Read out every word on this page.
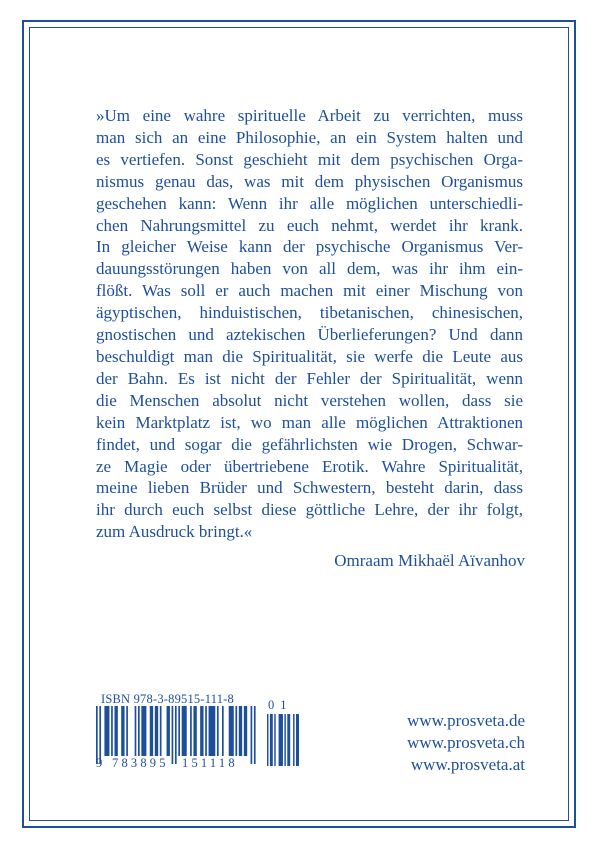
»Um eine wahre spirituelle Arbeit zu verrichten, muss
man sich an eine Philosophie, an ein System halten und
es vertiefen. Sonst geschieht mit dem psychischen Orga-
nismus genau das, was mit dem physischen Organismus
geschehen kann: Wenn ihr alle möglichen unterschiedli-
chen Nahrungsmittel zu euch nehmt, werdet ihr krank.
In gleicher Weise kann der psychische Organismus Ver-
dauungsstörungen haben von all dem, was ihr ihm ein-
flößt. Was soll er auch machen mit einer Mischung von
ägyptischen, hinduistischen, tibetanischen, chinesischen,
gnostischen und aztekischen Überlieferungen? Und dann
beschuldigt man die Spiritualität, sie werfe die Leute aus
der Bahn. Es ist nicht der Fehler der Spiritualität, wenn
die Menschen absolut nicht verstehen wollen, dass sie
kein Marktplatz ist, wo man alle möglichen Attraktionen
findet, und sogar die gefährlichsten wie Drogen, Schwar-
ze Magie oder übertriebene Erotik. Wahre Spiritualität,
meine lieben Brüder und Schwestern, besteht darin, dass
ihr durch euch selbst diese göttliche Lehre, der ihr folgt,
zum Ausdruck bringt.«
Omraam Mikhaël Aïvanhov
ISBN 978-3-89515-111-8	01
9 783895 151118
www.prosveta.de
www.prosveta.ch
www.prosveta.at
